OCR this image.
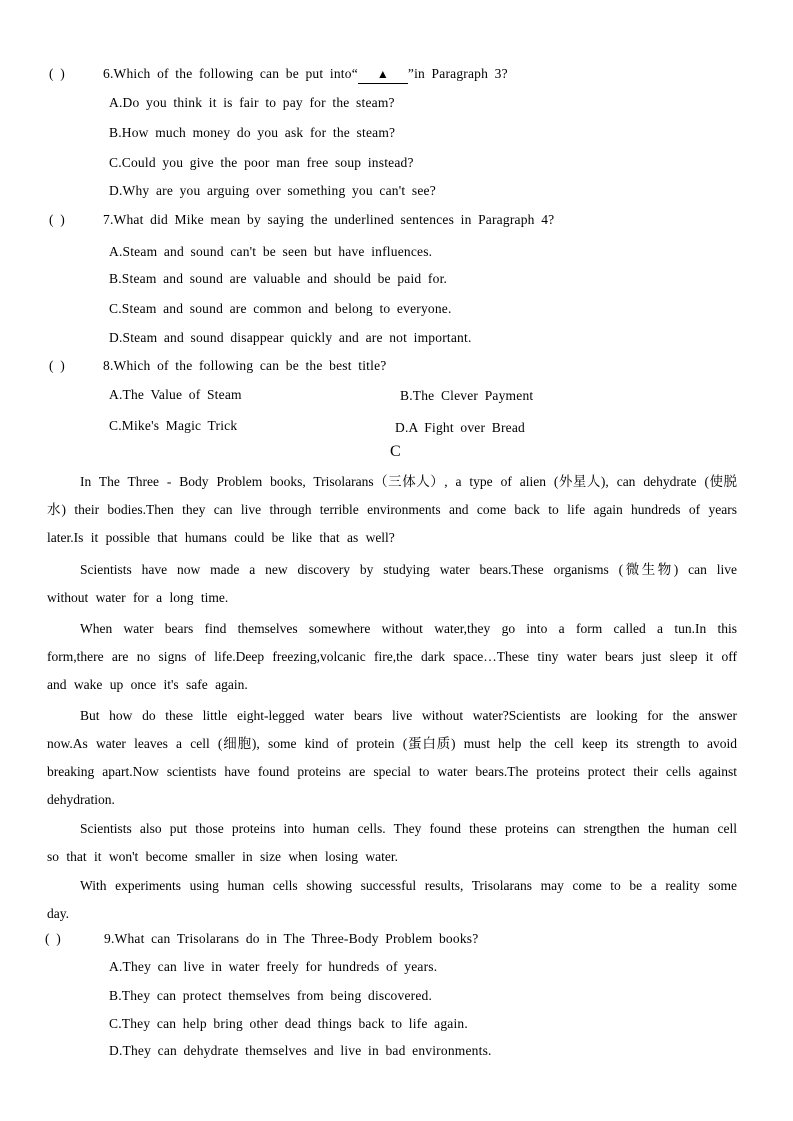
( )	6.Which of the following can be put into“ ▲ ”in Paragraph 3?
A.Do you think it is fair to pay for the steam?
B.How much money do you ask for the steam?
C.Could you give the poor man free soup instead?
D.Why are you arguing over something you can't see?
( )	7.What did Mike mean by saying the underlined sentences in Paragraph 4?
A.Steam and sound can't be seen but have influences.
B.Steam and sound are valuable and should be paid for.
C.Steam and sound are common and belong to everyone.
D.Steam and sound disappear quickly and are not important.
( )	8.Which of the following can be the best title?
A.The Value of Steam	B.The Clever Payment
C.Mike's Magic Trick	D.A Fight over Bread
C
In The Three - Body Problem books, Trisolarans（三体人）, a type of alien (外星人), can dehydrate (使脱水) their bodies.Then they can live through terrible environments and come back to life again hundreds of years later.Is it possible that humans could be like that as well?
Scientists have now made a new discovery by studying water bears.These organisms (微生物) can live without water for a long time.
When water bears find themselves somewhere without water,they go into a form called a tun.In this form,there are no signs of life.Deep freezing,volcanic fire,the dark space…These tiny water bears just sleep it off and wake up once it's safe again.
But how do these little eight-legged water bears live without water?Scientists are looking for the answer now.As water leaves a cell (细胞), some kind of protein (蛋白质) must help the cell keep its strength to avoid breaking apart.Now scientists have found proteins are special to water bears.The proteins protect their cells against dehydration.
Scientists also put those proteins into human cells. They found these proteins can strengthen the human cell so that it won't become smaller in size when losing water.
With experiments using human cells showing successful results, Trisolarans may come to be a reality some day.
( )	9.What can Trisolarans do in The Three-Body Problem books?
A.They can live in water freely for hundreds of years.
B.They can protect themselves from being discovered.
C.They can help bring other dead things back to life again.
D.They can dehydrate themselves and live in bad environments.
